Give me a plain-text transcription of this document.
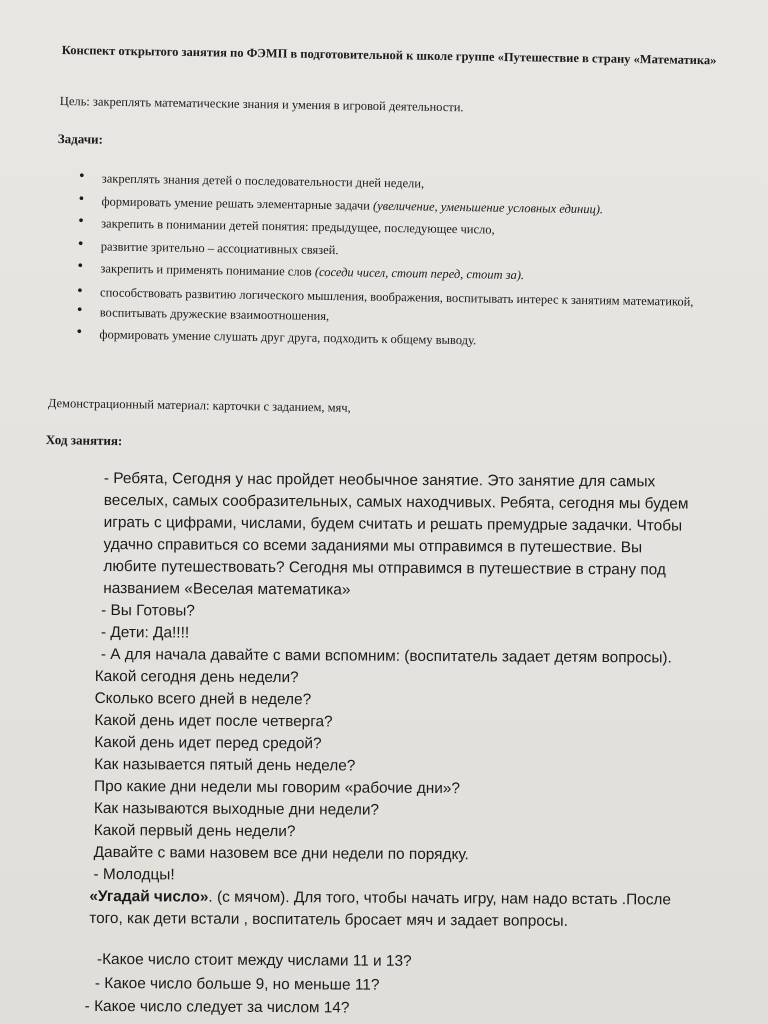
Конспект открытого занятия по ФЭМП в подготовительной к школе группе «Путешествие в страну «Математика»
Цель: закреплять математические знания и умения в игровой деятельности.
Задачи:
• закреплять знания детей о последовательности дней недели,
• формировать умение решать элементарные задачи (увеличение, уменьшение условных единиц).
• закрепить в понимании детей понятия: предыдущее, последующее число,
• развитие зрительно – ассоциативных связей.
• закрепить и применять понимание слов (соседи чисел, стоит перед, стоит за).
• способствовать развитию логического мышления, воображения, воспитывать интерес к занятиям математикой,
• воспитывать дружеские взаимоотношения,
• формировать умение слушать друг друга, подходить к общему выводу.
Демонстрационный материал: карточки с заданием, мяч,
Ход занятия:

- Ребята, Сегодня у нас пройдет необычное занятие. Это занятие для самых

веселых, самых сообразительных, самых находчивых. Ребята, сегодня мы будем

играть с цифрами, числами, будем считать и решать премудрые задачки. Чтобы

удачно справиться со всеми заданиями мы отправимся в путешествие. Вы

любите путешествовать? Сегодня мы отправимся в путешествие в страну под

названием «Веселая математика»

- Вы Готовы?

- Дети: Да!!!!

- А для начала давайте с вами вспомним: (воспитатель задает детям вопросы).

Какой сегодня день недели?

Сколько всего дней в неделе?

Какой день идет после четверга?

Какой день идет перед средой?

Как называется пятый день неделе?

Про какие дни недели мы говорим «рабочие дни»?

Как называются выходные дни недели?

Какой первый день недели?

Давайте с вами назовем все дни недели по порядку.

- Молодцы!

«Угадай число». (с мячом). Для того, чтобы начать игру, нам надо встать .После

того, как дети встали , воспитатель бросает мяч и задает вопросы.

-Какое число стоит между числами 11 и 13?

- Какое число больше 9, но меньше 11?

- Какое число следует за числом 14?
